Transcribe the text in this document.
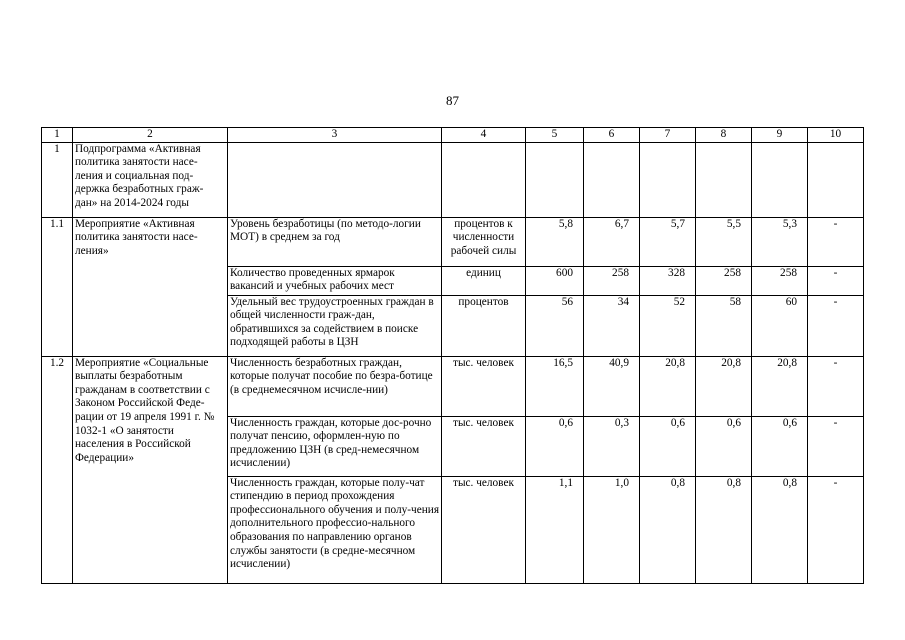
87
1	2	3	4	5	6	7	8	9	10
1	Подпрограмма «Активная политика занятости насе-ления и социальная под-держка безработных граж-дан» на 2014-2024 годы								
1.1	Мероприятие «Активная политика занятости насе-ления»	Уровень безработицы (по методо-логии МОТ) в среднем за год	процентов к численности рабочей силы	5,8	6,7	5,7	5,5	5,3	-
		Количество проведенных ярмарок вакансий и учебных рабочих мест	единиц	600	258	328	258	258	-
		Удельный вес трудоустроенных граждан в общей численности граж-дан, обратившихся за содействием в поиске подходящей работы в ЦЗН	процентов	56	34	52	58	60	-
1.2	Мероприятие «Социальные выплаты безработным гражданам в соответствии с Законом Российской Феде-рации от 19 апреля 1991 г. № 1032-1 «О занятости населения в Российской Федерации»	Численность безработных граждан, которые получат пособие по безра-ботице (в среднемесячном исчисле-нии)	тыс. человек	16,5	40,9	20,8	20,8	20,8	-
		Численность граждан, которые дос-рочно получат пенсию, оформлен-ную по предложению ЦЗН (в сред-немесячном исчислении)	тыс. человек	0,6	0,3	0,6	0,6	0,6	-
		Численность граждан, которые полу-чат стипендию в период прохождения профессионального обучения и полу-чения дополнительного профессио-нального образования по направлению органов службы занятости (в средне-месячном исчислении)	тыс. человек	1,1	1,0	0,8	0,8	0,8	-
